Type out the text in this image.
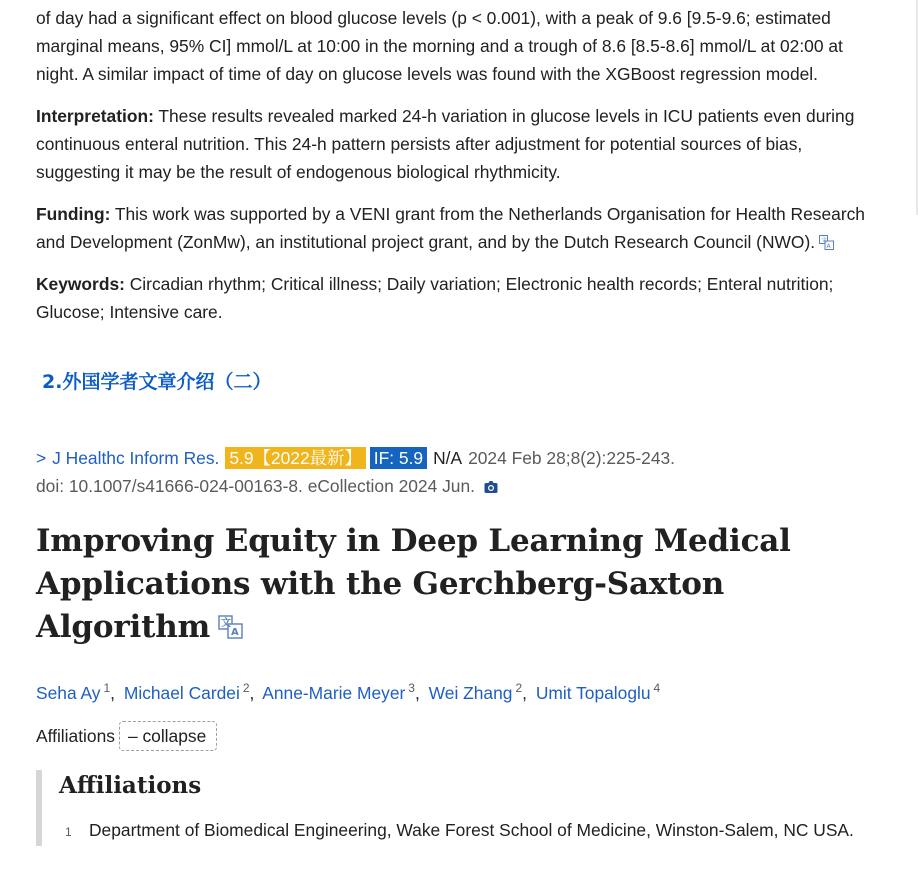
of day had a significant effect on blood glucose levels (p < 0.001), with a peak of 9.6 [9.5-9.6; estimated marginal means, 95% CI] mmol/L at 10:00 in the morning and a trough of 8.6 [8.5-8.6] mmol/L at 02:00 at night. A similar impact of time of day on glucose levels was found with the XGBoost regression model.

Interpretation: These results revealed marked 24-h variation in glucose levels in ICU patients even during continuous enteral nutrition. This 24-h pattern persists after adjustment for potential sources of bias, suggesting it may be the result of endogenous biological rhythmicity.

Funding: This work was supported by a VENI grant from the Netherlands Organisation for Health Research and Development (ZonMw), an institutional project grant, and by the Dutch Research Council (NWO). 文
A

Keywords: Circadian rhythm; Critical illness; Daily variation; Electronic health records; Enteral nutrition; Glucose; Intensive care.

2.外国学者文章介绍（二）
> J Healthc Inform Res. 5.9【2022最新】 IF: 5.9 N/A 2024 Feb 28;8(2):225-243.
doi: 10.1007/s41666-024-00163-8. eCollection 2024 Jun.
Improving Equity in Deep Learning Medical
Applications with the Gerchberg-Saxton Algorithm 文
A
Seha Ay $^1$, Michael Cardei $^2$, Anne-Marie Meyer $^3$, Wei Zhang $^2$, Umit Topaloglu $^4$
Affiliations – collapse
Affiliations
1 Department of Biomedical Engineering, Wake Forest School of Medicine, Winston-Salem, NC USA.
